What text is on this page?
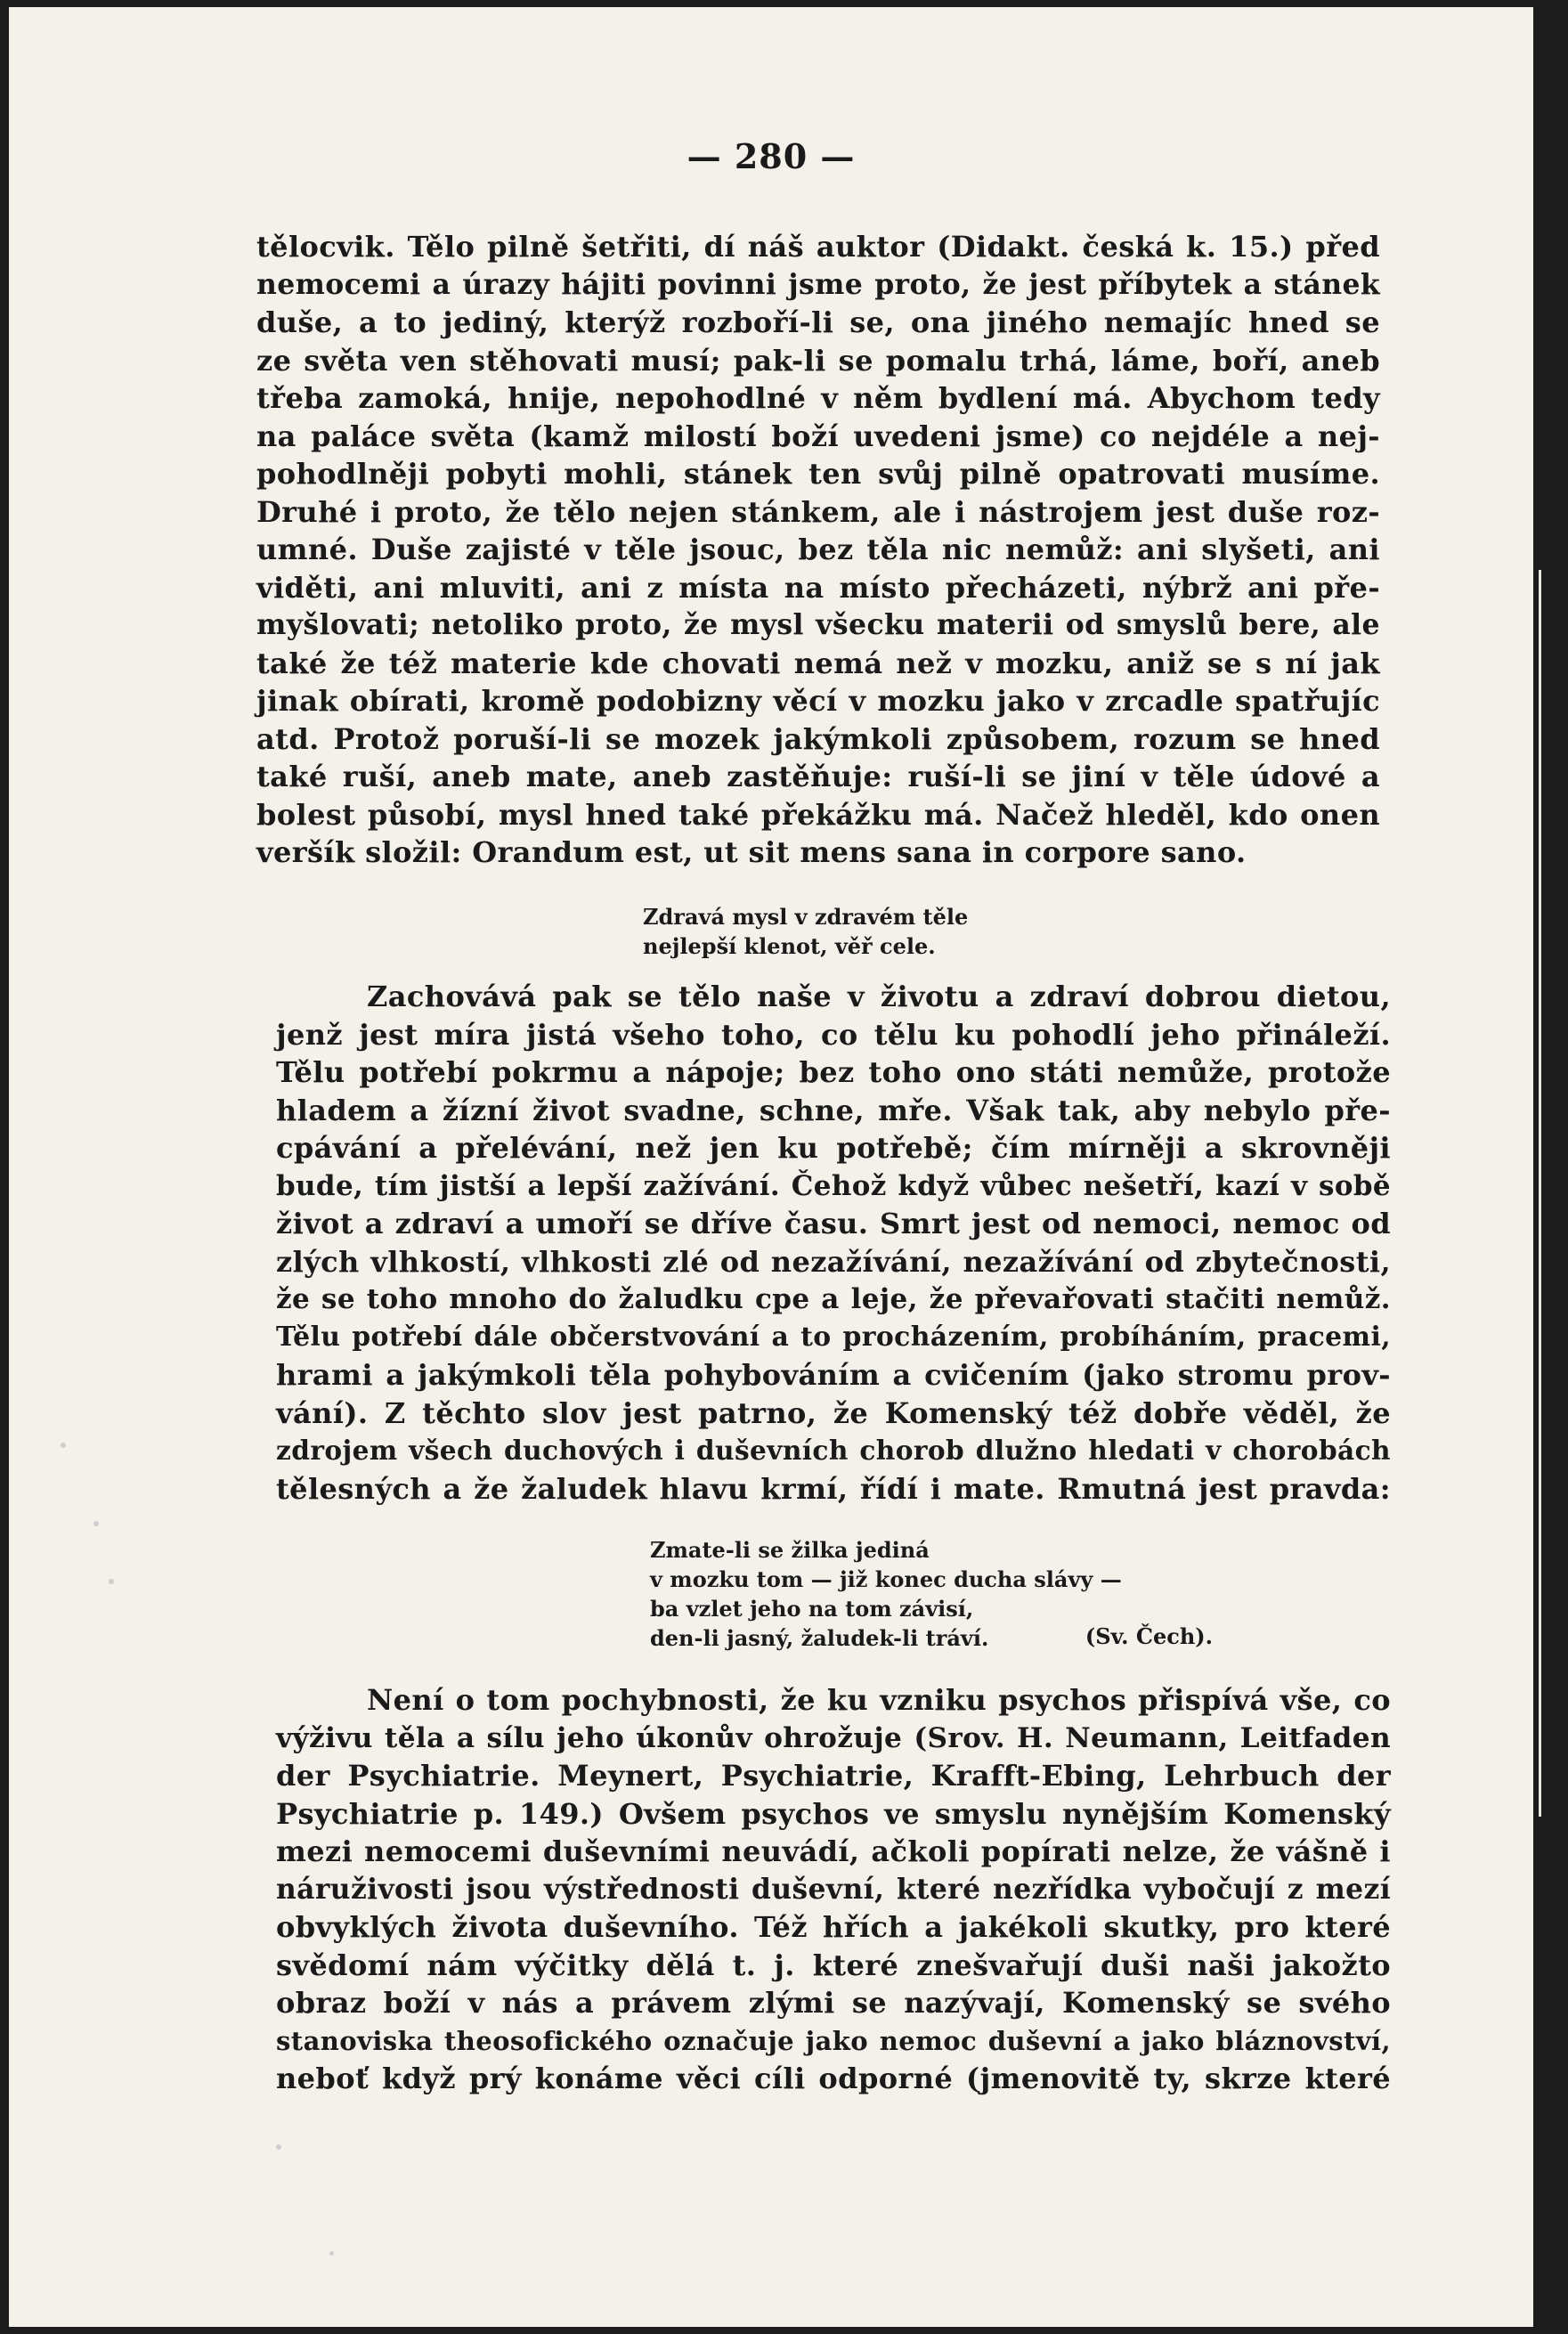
— 280 —
tělocvik. Tělo pilně šetřiti, dí náš auktor (Didakt. česká k. 15.) před
nemocemi a úrazy hájiti povinni jsme proto, že jest příbytek a stánek
duše, a to jediný, kterýž rozboří-li se, ona jiného nemajíc hned se
ze světa ven stěhovati musí; pak-li se pomalu trhá, láme, boří, aneb
třeba zamoká, hnije, nepohodlné v něm bydlení má. Abychom tedy
na paláce světa (kamž milostí boží uvedeni jsme) co nejdéle a nej-
pohodlněji pobyti mohli, stánek ten svůj pilně opatrovati musíme.
Druhé i proto, že tělo nejen stánkem, ale i nástrojem jest duše roz-
umné. Duše zajisté v těle jsouc, bez těla nic nemůž: ani slyšeti, ani
viděti, ani mluviti, ani z místa na místo přecházeti, nýbrž ani pře-
myšlovati; netoliko proto, že mysl všecku materii od smyslů bere, ale
také že též materie kde chovati nemá než v mozku, aniž se s ní jak
jinak obírati, kromě podobizny věcí v mozku jako v zrcadle spatřujíc
atd. Protož poruší-li se mozek jakýmkoli způsobem, rozum se hned
také ruší, aneb mate, aneb zastěňuje: ruší-li se jiní v těle údové a
bolest působí, mysl hned také překážku má. Načež hleděl, kdo onen
veršík složil: Orandum est, ut sit mens sana in corpore sano.
Zdravá mysl v zdravém těle
nejlepší klenot, věř cele.
Zachovává pak se tělo naše v životu a zdraví dobrou dietou,
jenž jest míra jistá všeho toho, co tělu ku pohodlí jeho přináleží.
Tělu potřebí pokrmu a nápoje; bez toho ono státi nemůže, protože
hladem a žízní život svadne, schne, mře. Však tak, aby nebylo pře-
cpávání a přelévání, než jen ku potřebě; čím mírněji a skrovněji
bude, tím jistší a lepší zažívání. Čehož když vůbec nešetří, kazí v sobě
život a zdraví a umoří se dříve času. Smrt jest od nemoci, nemoc od
zlých vlhkostí, vlhkosti zlé od nezažívání, nezažívání od zbytečnosti,
že se toho mnoho do žaludku cpe a leje, že převařovati stačiti nemůž.
Tělu potřebí dále občerstvování a to procházením, probíháním, pracemi,
hrami a jakýmkoli těla pohybováním a cvičením (jako stromu prov-
vání). Z těchto slov jest patrno, že Komenský též dobře věděl, že
zdrojem všech duchových i duševních chorob dlužno hledati v chorobách
tělesných a že žaludek hlavu krmí, řídí i mate. Rmutná jest pravda:
Zmate-li se žilka jediná
v mozku tom — již konec ducha slávy —
ba vzlet jeho na tom závisí,
den-li jasný, žaludek-li tráví.	(Sv. Čech).
Není o tom pochybnosti, že ku vzniku psychos přispívá vše, co
výživu těla a sílu jeho úkonův ohrožuje (Srov. H. Neumann, Leitfaden
der Psychiatrie. Meynert, Psychiatrie, Krafft-Ebing, Lehrbuch der
Psychiatrie p. 149.) Ovšem psychos ve smyslu nynějším Komenský
mezi nemocemi duševními neuvádí, ačkoli popírati nelze, že vášně i
náruživosti jsou výstřednosti duševní, které nezřídka vybočují z mezí
obvyklých života duševního. Též hřích a jakékoli skutky, pro které
svědomí nám výčitky dělá t. j. které znešvařují duši naši jakožto
obraz boží v nás a právem zlými se nazývají, Komenský se svého
stanoviska theosofického označuje jako nemoc duševní a jako bláznovství,
neboť když prý konáme věci cíli odporné (jmenovitě ty, skrze které
